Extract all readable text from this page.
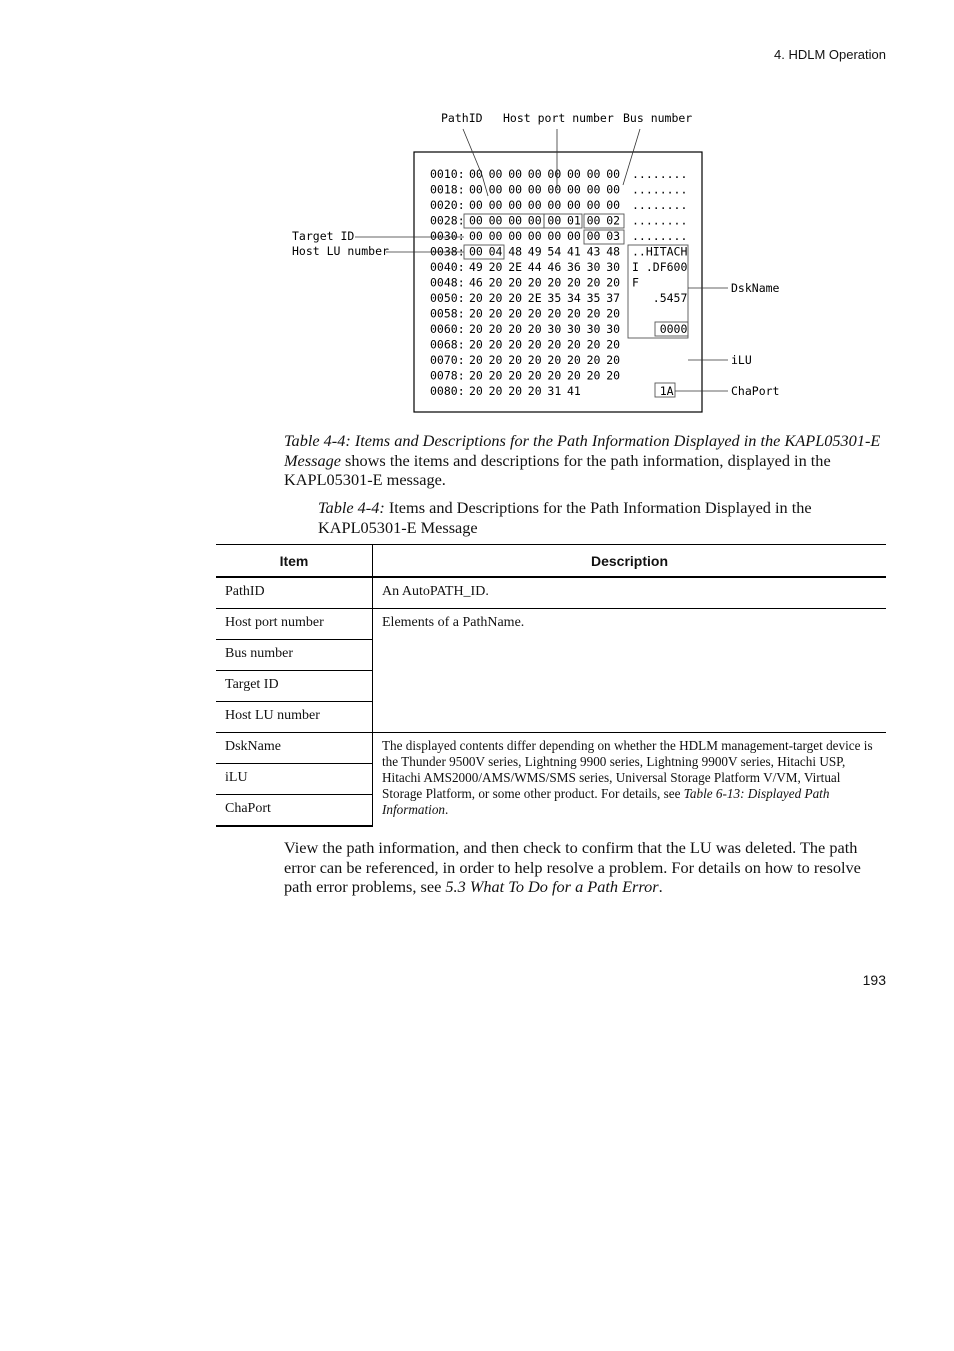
4. HDLM Operation
0010: 00 00 00 00 00 00 00 00 ........
0018: 00 00 00 00 00 00 00 00 ........
0020: 00 00 00 00 00 00 00 00 ........
0028: 00 00 00 00 00 01 00 02 ........
0030: 00 00 00 00 00 00 00 03 ........
0038: 00 04 48 49 54 41 43 48 ..HITACH
0040: 49 20 2E 44 46 36 30 30 I .DF600
0048: 46 20 20 20 20 20 20 20 F
0050: 20 20 20 2E 35 34 35 37 .5457
0058: 20 20 20 20 20 20 20 20
0060: 20 20 20 20 30 30 30 30 0000
0068: 20 20 20 20 20 20 20 20
0070: 20 20 20 20 20 20 20 20
0078: 20 20 20 20 20 20 20 20
0080: 20 20 20 20 31 41	1A
PathID Host port number Bus number
Target ID
Host LU number
DskName
iLU
ChaPort
Table 4-4: Items and Descriptions for the Path Information Displayed in the KAPL05301-E Message shows the items and descriptions for the path information, displayed in the KAPL05301-E message.
Table 4-4: Items and Descriptions for the Path Information Displayed in the KAPL05301-E Message
Item	Description
PathID	An AutoPATH_ID.
Host port number	Elements of a PathName.
Bus number	
Target ID	
Host LU number	
DskName	The displayed contents differ depending on whether the HDLM management-target device is the Thunder 9500V series, Lightning 9900 series, Lightning 9900V series, Hitachi USP, Hitachi AMS2000/AMS/WMS/SMS series, Universal Storage Platform V/VM, Virtual Storage Platform, or some other product. For details, see Table 6-13: Displayed Path Information.
iLU	
ChaPort	
View the path information, and then check to confirm that the LU was deleted. The path error can be referenced, in order to help resolve a problem. For details on how to resolve path error problems, see 5.3 What To Do for a Path Error.
193
